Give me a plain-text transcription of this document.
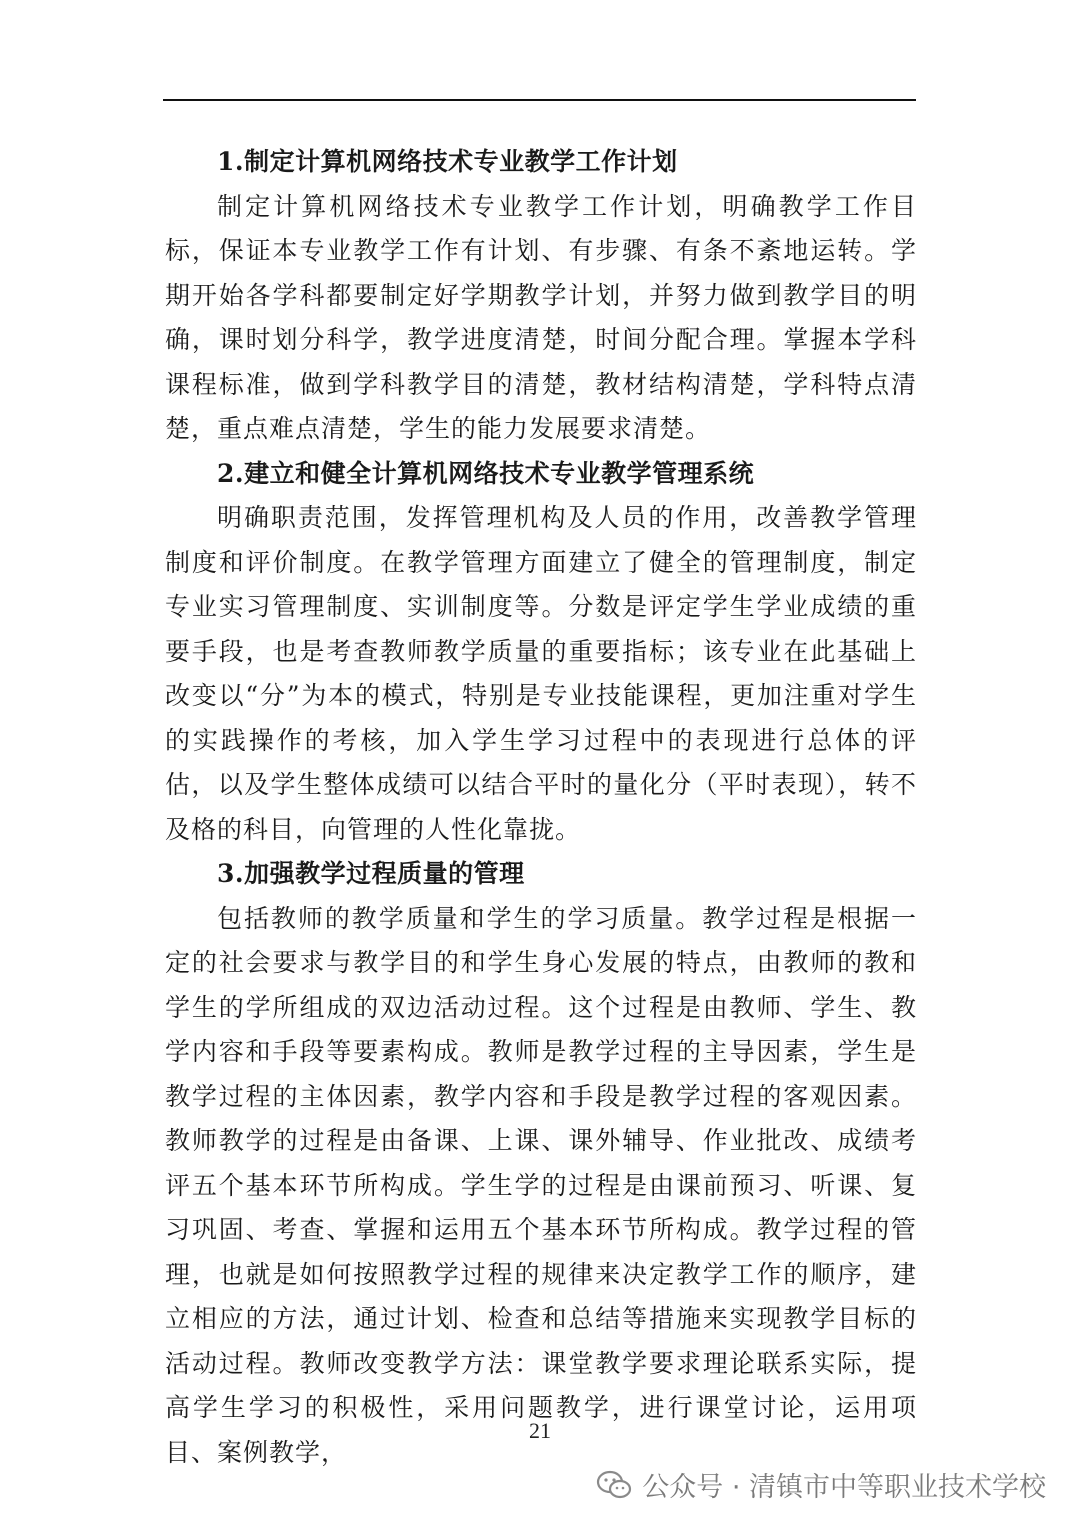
1.制定计算机网络技术专业教学工作计划

制定计算机网络技术专业教学工作计划，明确教学工作目标，保证本专业教学工作有计划、有步骤、有条不紊地运转。学期开始各学科都要制定好学期教学计划，并努力做到教学目的明确，课时划分科学，教学进度清楚，时间分配合理。掌握本学科课程标准，做到学科教学目的清楚，教材结构清楚，学科特点清楚，重点难点清楚，学生的能力发展要求清楚。

2.建立和健全计算机网络技术专业教学管理系统

明确职责范围，发挥管理机构及人员的作用，改善教学管理制度和评价制度。在教学管理方面建立了健全的管理制度，制定专业实习管理制度、实训制度等。分数是评定学生学业成绩的重要手段，也是考查教师教学质量的重要指标；该专业在此基础上改变以“分”为本的模式，特别是专业技能课程，更加注重对学生的实践操作的考核，加入学生学习过程中的表现进行总体的评估，以及学生整体成绩可以结合平时的量化分（平时表现），转不及格的科目，向管理的人性化靠拢。

3.加强教学过程质量的管理

包括教师的教学质量和学生的学习质量。教学过程是根据一定的社会要求与教学目的和学生身心发展的特点，由教师的教和学生的学所组成的双边活动过程。这个过程是由教师、学生、教学内容和手段等要素构成。教师是教学过程的主导因素，学生是教学过程的主体因素，教学内容和手段是教学过程的客观因素。教师教学的过程是由备课、上课、课外辅导、作业批改、成绩考评五个基本环节所构成。学生学的过程是由课前预习、听课、复习巩固、考查、掌握和运用五个基本环节所构成。教学过程的管理，也就是如何按照教学过程的规律来决定教学工作的顺序，建立相应的方法，通过计划、检查和总结等措施来实现教学目标的活动过程。教师改变教学方法：课堂教学要求理论联系实际，提高学生学习的积极性，采用问题教学，进行课堂讨论，运用项目、案例教学，

21
公众号 · 清镇市中等职业技术学校
